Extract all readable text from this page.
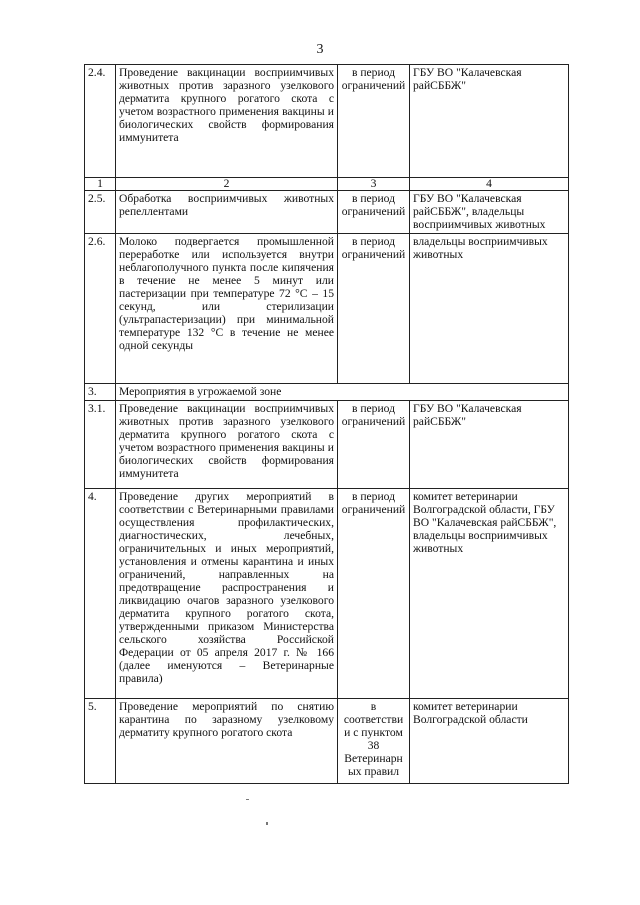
3
2.4.	Проведение вакцинации восприимчивых животных против заразного узелкового дерматита крупного рогатого скота с учетом возрастного применения вакцины и биологических свойств формирования иммунитета	в период ограничений	ГБУ ВО "Калачевская райСББЖ"
1	2	3	4
2.5.	Обработка восприимчивых животных репеллентами	в период ограничений	ГБУ ВО "Калачевская райСББЖ", владельцы восприимчивых животных
2.6.	Молоко подвергается промышленной переработке или используется внутри неблагополучного пункта после кипячения в течение не менее 5 минут или пастеризации при температуре 72 °C – 15 секунд, или стерилизации (ультрапастеризации) при минимальной температуре 132 °C в течение не менее одной секунды	в период ограничений	владельцы восприимчивых животных
3.	Мероприятия в угрожаемой зоне		
3.1.	Проведение вакцинации восприимчивых животных против заразного узелкового дерматита крупного рогатого скота с учетом возрастного применения вакцины и биологических свойств формирования иммунитета	в период ограничений	ГБУ ВО "Калачевская райСББЖ"
4.	Проведение других мероприятий в соответствии с Ветеринарными правилами осуществления профилактических, диагностических, лечебных, ограничительных и иных мероприятий, установления и отмены карантина и иных ограничений, направленных на предотвращение распространения и ликвидацию очагов заразного узелкового дерматита крупного рогатого скота, утвержденными приказом Министерства сельского хозяйства Российской Федерации от 05 апреля 2017 г. № 166 (далее именуются – Ветеринарные правила)	в период ограничений	комитет ветеринарии Волгоградской области, ГБУ ВО "Калачевская райСББЖ", владельцы восприимчивых животных
5.	Проведение мероприятий по снятию карантина по заразному узелковому дерматиту крупного рогатого скота	в соответствии с пунктом 38 Ветеринарных правил	комитет ветеринарии Волгоградской области
